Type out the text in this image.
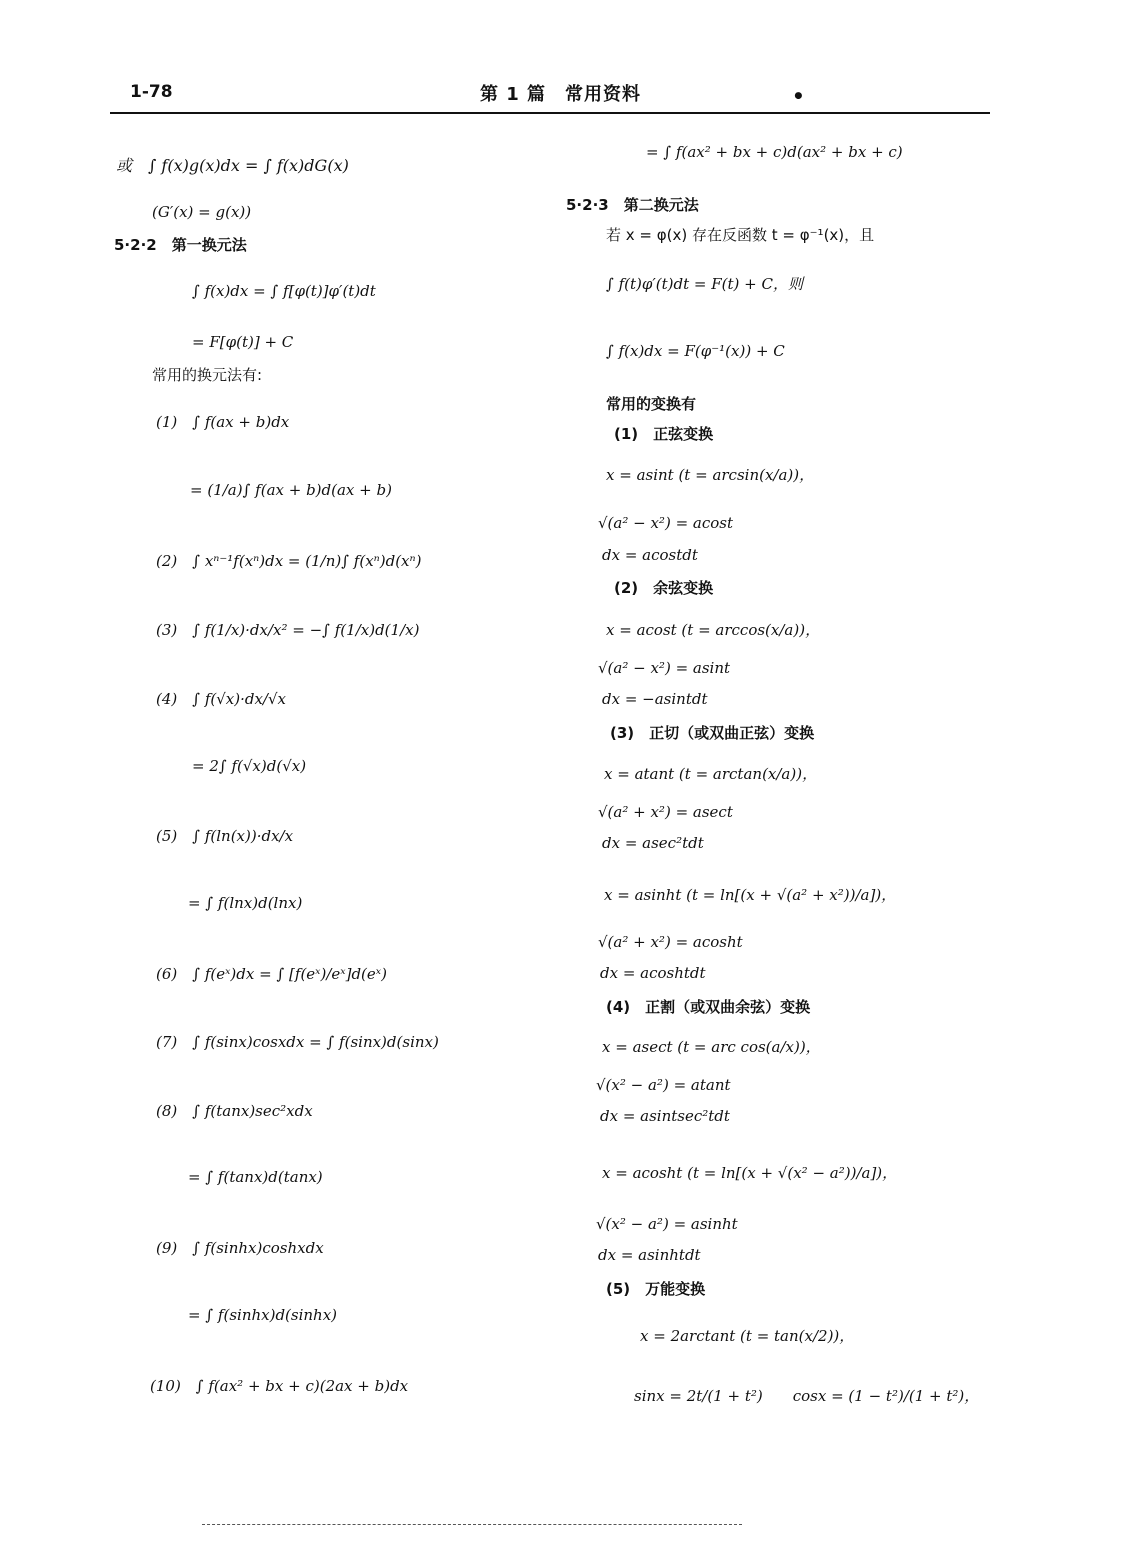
1-78	第 1 篇　常用资料	•
或　∫ f(x)g(x)dx = ∫ f(x)dG(x)
(G′(x) = g(x))
5·2·2　第一换元法
∫ f(x)dx = ∫ f[φ(t)]φ′(t)dt
= F[φ(t)] + C
常用的换元法有:
(1)　∫ f(ax + b)dx
= (1/a)∫ f(ax + b)d(ax + b)
(2)　∫ xⁿ⁻¹f(xⁿ)dx = (1/n)∫ f(xⁿ)d(xⁿ)
(3)　∫ f(1/x)·dx/x² = −∫ f(1/x)d(1/x)
(4)　∫ f(√x)·dx/√x
= 2∫ f(√x)d(√x)
(5)　∫ f(ln(x))·dx/x
= ∫ f(lnx)d(lnx)
(6)　∫ f(eˣ)dx = ∫ [f(eˣ)/eˣ]d(eˣ)
(7)　∫ f(sinx)cosxdx = ∫ f(sinx)d(sinx)
(8)　∫ f(tanx)sec²xdx
= ∫ f(tanx)d(tanx)
(9)　∫ f(sinhx)coshxdx
= ∫ f(sinhx)d(sinhx)
(10)　∫ f(ax² + bx + c)(2ax + b)dx
= ∫ f(ax² + bx + c)d(ax² + bx + c)
5·2·3　第二换元法
若 x = φ(x) 存在反函数 t = φ⁻¹(x)，且
∫ f(t)φ′(t)dt = F(t) + C，则
∫ f(x)dx = F(φ⁻¹(x)) + C
常用的变换有
(1)　正弦变换
x = asint (t = arcsin(x/a))，
√(a² − x²) = acost
dx = acostdt
(2)　余弦变换
x = acost (t = arccos(x/a))，
√(a² − x²) = asint
dx = −asintdt
(3)　正切（或双曲正弦）变换
x = atant (t = arctan(x/a))，
√(a² + x²) = asect
dx = asec²tdt
x = asinht (t = ln[(x + √(a² + x²))/a])，
√(a² + x²) = acosht
dx = acoshtdt
(4)　正割（或双曲余弦）变换
x = asect (t = arc cos(a/x))，
√(x² − a²) = atant
dx = asintsec²tdt
x = acosht (t = ln[(x + √(x² − a²))/a])，
√(x² − a²) = asinht
dx = asinhtdt
(5)　万能变换
x = 2arctant (t = tan(x/2))，
sinx = 2t/(1 + t²)　　cosx = (1 − t²)/(1 + t²)，
